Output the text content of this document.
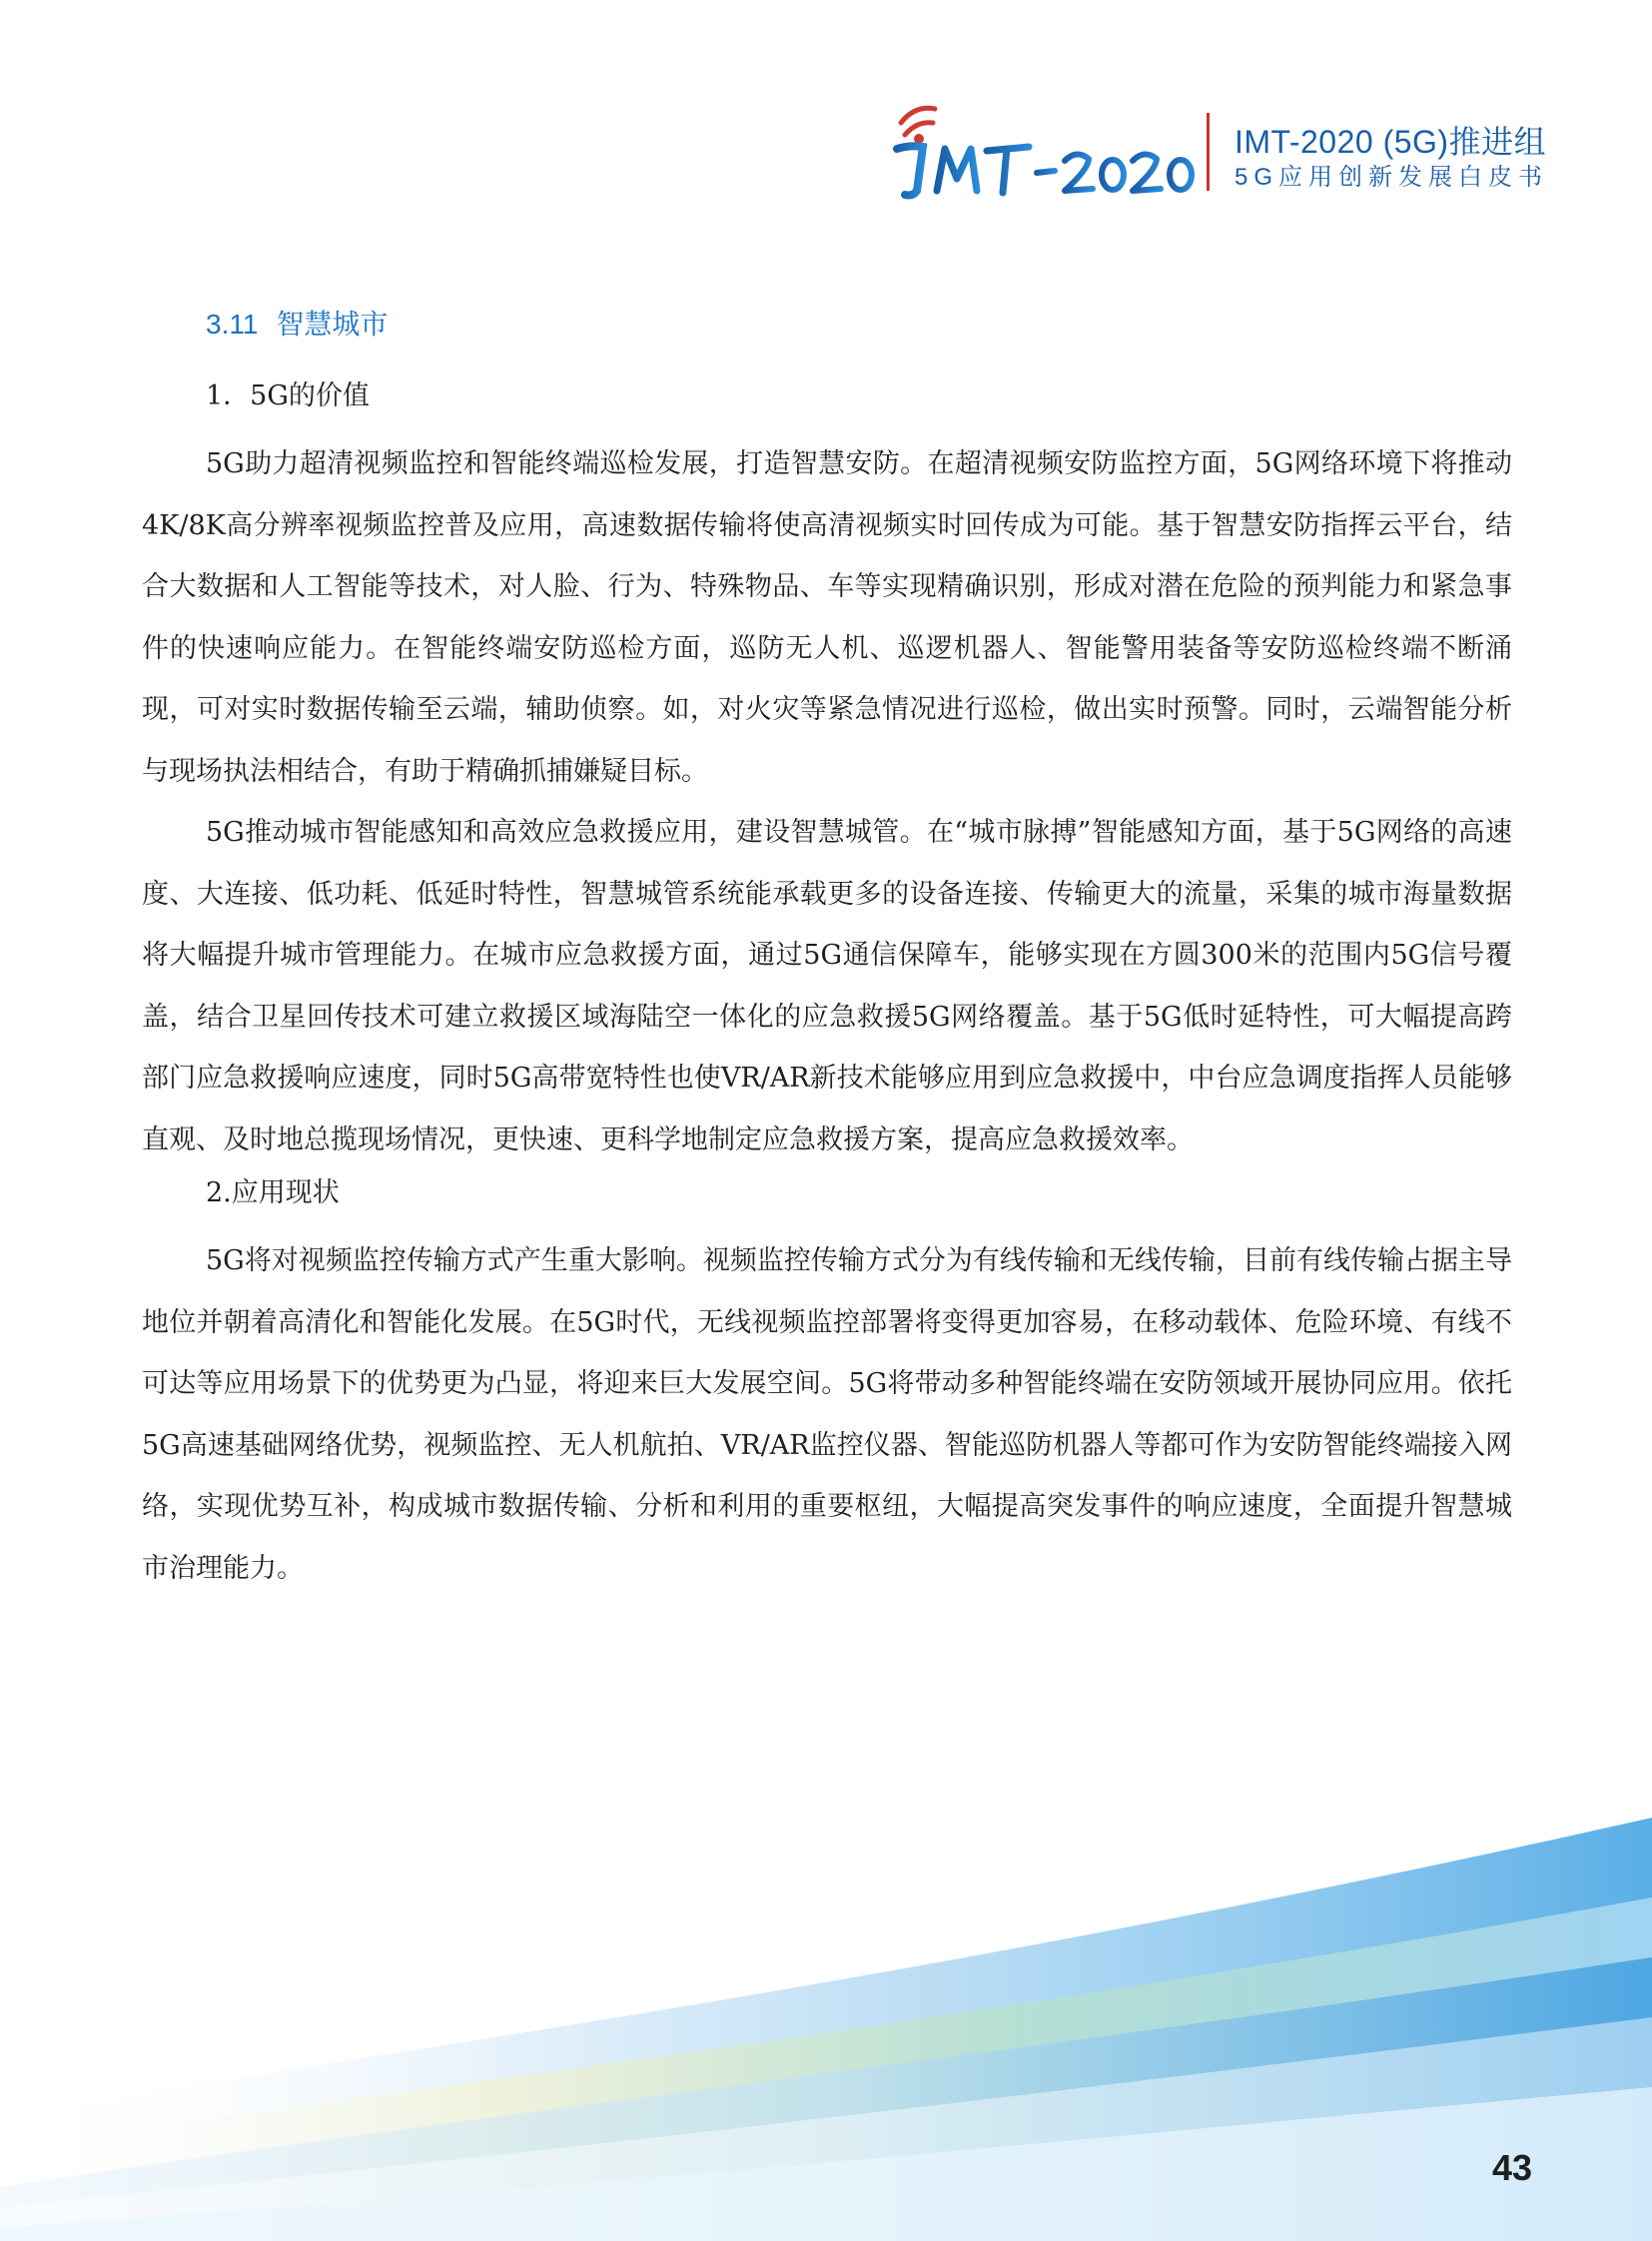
IMT-2020 (5G)推进组
5G应用创新发展白皮书
3.11 智慧城市
1．5G的价值

5G助力超清视频监控和智能终端巡检发展，打造智慧安防。在超清视频安防监控方面，5G网络环境下将推动4K/8K高分辨率视频监控普及应用，高速数据传输将使高清视频实时回传成为可能。基于智慧安防指挥云平台，结合大数据和人工智能等技术，对人脸、行为、特殊物品、车等实现精确识别，形成对潜在危险的预判能力和紧急事件的快速响应能力。在智能终端安防巡检方面，巡防无人机、巡逻机器人、智能警用装备等安防巡检终端不断涌现，可对实时数据传输至云端，辅助侦察。如，对火灾等紧急情况进行巡检，做出实时预警。同时，云端智能分析与现场执法相结合，有助于精确抓捕嫌疑目标。

5G推动城市智能感知和高效应急救援应用，建设智慧城管。在“城市脉搏”智能感知方面，基于5G网络的高速度、大连接、低功耗、低延时特性，智慧城管系统能承载更多的设备连接、传输更大的流量，采集的城市海量数据将大幅提升城市管理能力。在城市应急救援方面，通过5G通信保障车，能够实现在方圆300米的范围内5G信号覆盖，结合卫星回传技术可建立救援区域海陆空一体化的应急救援5G网络覆盖。基于5G低时延特性，可大幅提高跨部门应急救援响应速度，同时5G高带宽特性也使VR/AR新技术能够应用到应急救援中，中台应急调度指挥人员能够直观、及时地总揽现场情况，更快速、更科学地制定应急救援方案，提高应急救援效率。

2.应用现状

5G将对视频监控传输方式产生重大影响。视频监控传输方式分为有线传输和无线传输，目前有线传输占据主导地位并朝着高清化和智能化发展。在5G时代，无线视频监控部署将变得更加容易，在移动载体、危险环境、有线不可达等应用场景下的优势更为凸显，将迎来巨大发展空间。5G将带动多种智能终端在安防领域开展协同应用。依托5G高速基础网络优势，视频监控、无人机航拍、VR/AR监控仪器、智能巡防机器人等都可作为安防智能终端接入网络，实现优势互补，构成城市数据传输、分析和利用的重要枢纽，大幅提高突发事件的响应速度，全面提升智慧城市治理能力。

43
